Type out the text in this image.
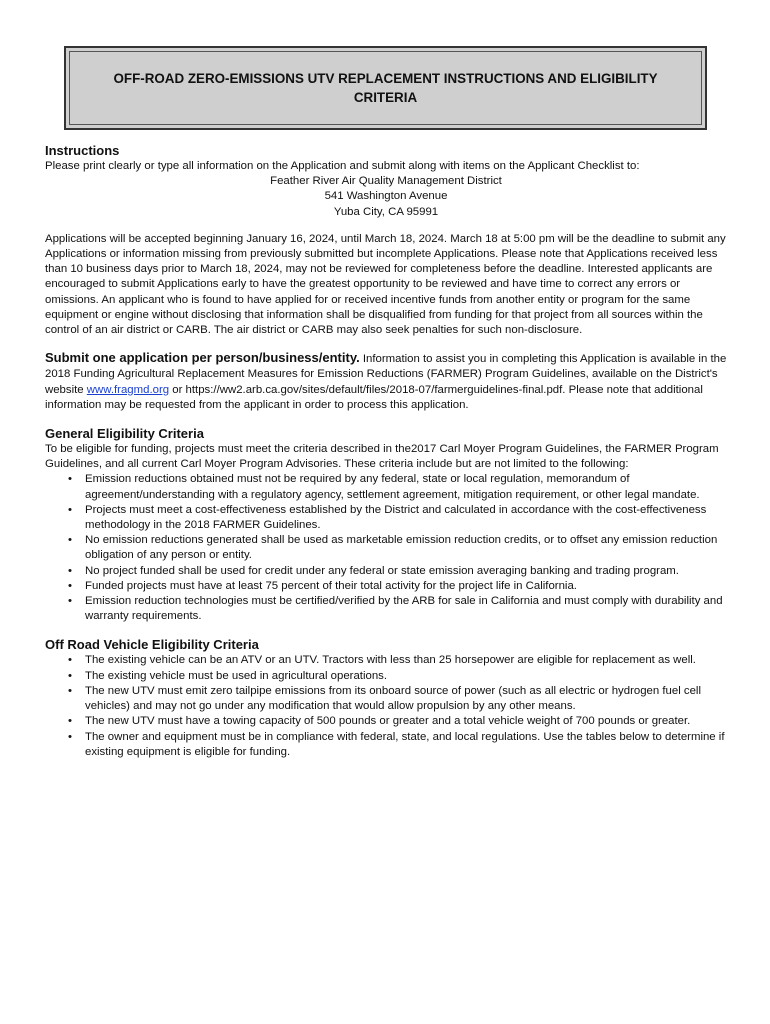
OFF-ROAD ZERO-EMISSIONS UTV REPLACEMENT INSTRUCTIONS AND ELIGIBILITY CRITERIA
Instructions

Please print clearly or type all information on the Application and submit along with items on the Applicant Checklist to:

Feather River Air Quality Management District

541 Washington Avenue

Yuba City, CA 95991

Applications will be accepted beginning January 16, 2024, until March 18, 2024. March 18 at 5:00 pm will be the deadline to submit any Applications or information missing from previously submitted but incomplete Applications. Please note that Applications received less than 10 business days prior to March 18, 2024, may not be reviewed for completeness before the deadline. Interested applicants are encouraged to submit Applications early to have the greatest opportunity to be reviewed and have time to correct any errors or omissions. An applicant who is found to have applied for or received incentive funds from another entity or program for the same equipment or engine without disclosing that information shall be disqualified from funding for that project from all sources within the control of an air district or CARB. The air district or CARB may also seek penalties for such non-disclosure.

Submit one application per person/business/entity. Information to assist you in completing this Application is available in the 2018 Funding Agricultural Replacement Measures for Emission Reductions (FARMER) Program Guidelines, available on the District's website www.fragmd.org or https://ww2.arb.ca.gov/sites/default/files/2018-07/farmerguidelines-final.pdf. Please note that additional information may be requested from the applicant in order to process this application.

General Eligibility Criteria

To be eligible for funding, projects must meet the criteria described in the2017 Carl Moyer Program Guidelines, the FARMER Program Guidelines, and all current Carl Moyer Program Advisories. These criteria include but are not limited to the following:

• Emission reductions obtained must not be required by any federal, state or local regulation, memorandum of agreement/understanding with a regulatory agency, settlement agreement, mitigation requirement, or other legal mandate.
• Projects must meet a cost-effectiveness established by the District and calculated in accordance with the cost-effectiveness methodology in the 2018 FARMER Guidelines.
• No emission reductions generated shall be used as marketable emission reduction credits, or to offset any emission reduction obligation of any person or entity.
• No project funded shall be used for credit under any federal or state emission averaging banking and trading program.
• Funded projects must have at least 75 percent of their total activity for the project life in California.
• Emission reduction technologies must be certified/verified by the ARB for sale in California and must comply with durability and warranty requirements.
Off Road Vehicle Eligibility Criteria
• The existing vehicle can be an ATV or an UTV. Tractors with less than 25 horsepower are eligible for replacement as well.
• The existing vehicle must be used in agricultural operations.
• The new UTV must emit zero tailpipe emissions from its onboard source of power (such as all electric or hydrogen fuel cell vehicles) and may not go under any modification that would allow propulsion by any other means.
• The new UTV must have a towing capacity of 500 pounds or greater and a total vehicle weight of 700 pounds or greater.
• The owner and equipment must be in compliance with federal, state, and local regulations. Use the tables below to determine if existing equipment is eligible for funding.
